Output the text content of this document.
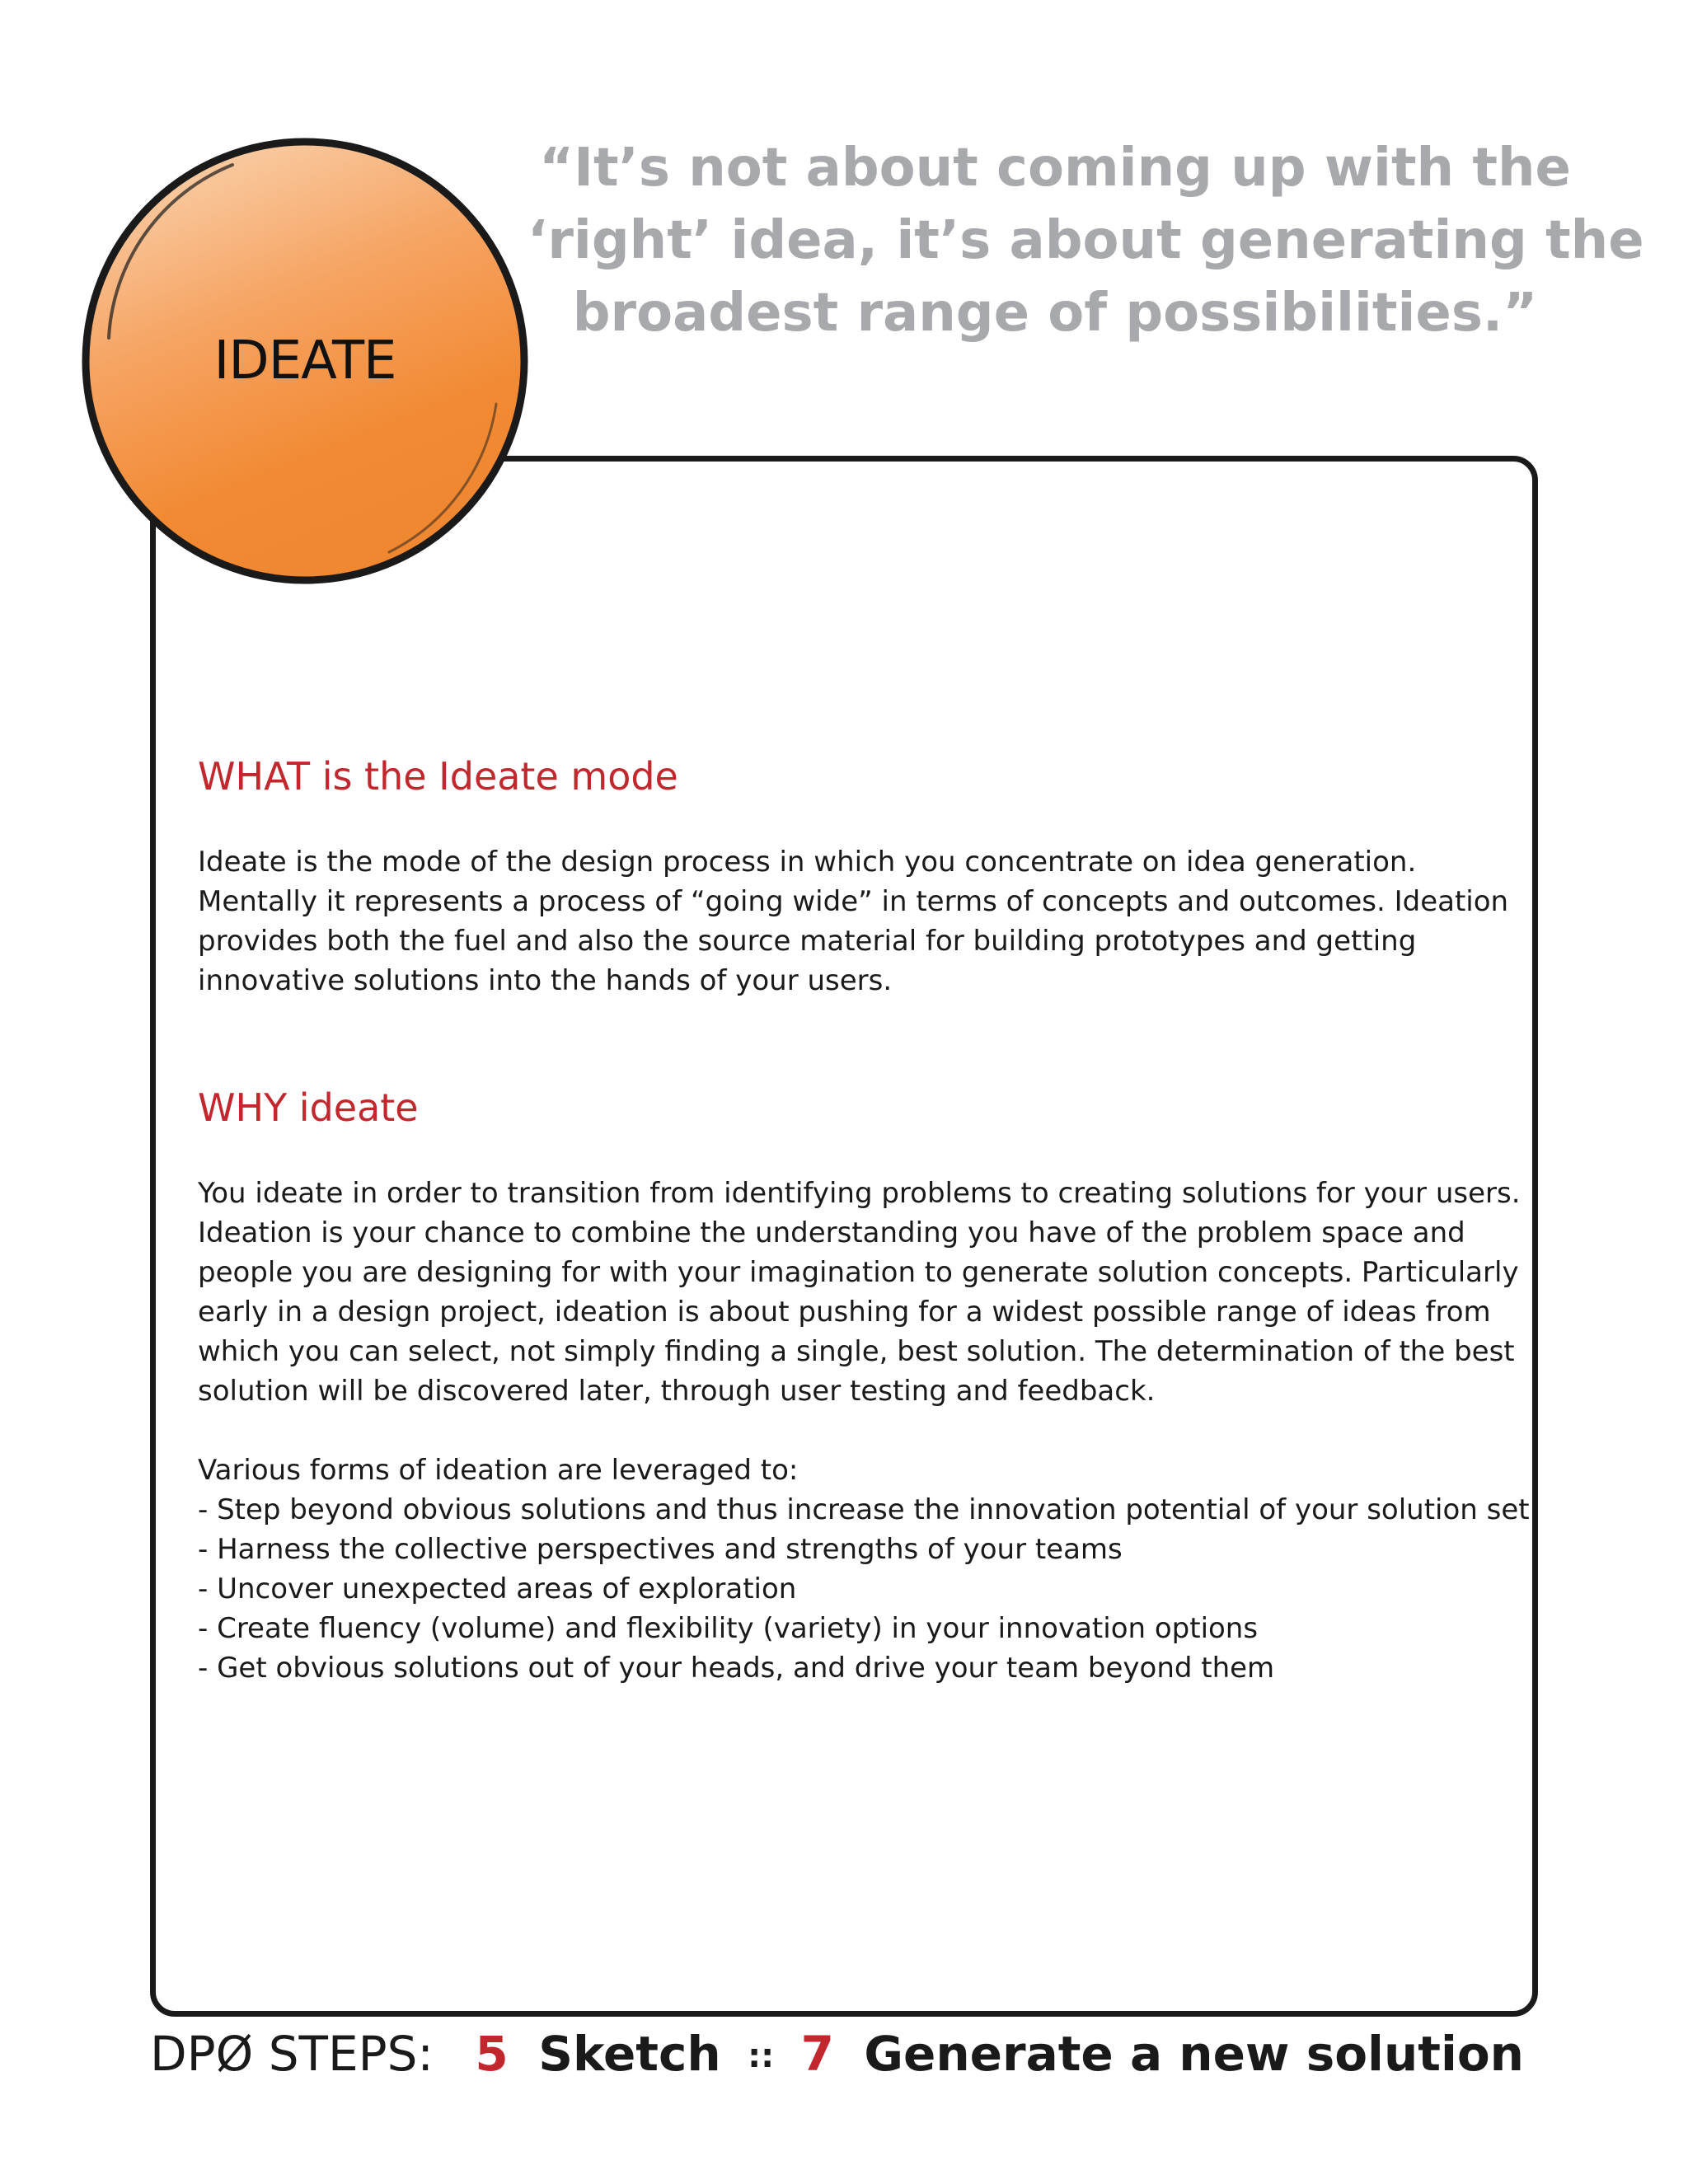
“It’s not about coming up with the
‘right’ idea, it’s about generating the
broadest range of possibilities.”
IDEATE
WHAT is the Ideate mode
Ideate is the mode of the design process in which you concentrate on idea generation.
Mentally it represents a process of “going wide” in terms of concepts and outcomes. Ideation
provides both the fuel and also the source material for building prototypes and getting
innovative solutions into the hands of your users.
WHY ideate
You ideate in order to transition from identifying problems to creating solutions for your users.
Ideation is your chance to combine the understanding you have of the problem space and
people you are designing for with your imagination to generate solution concepts. Particularly
early in a design project, ideation is about pushing for a widest possible range of ideas from
which you can select, not simply finding a single, best solution. The determination of the best
solution will be discovered later, through user testing and feedback.
Various forms of ideation are leveraged to:
- Step beyond obvious solutions and thus increase the innovation potential of your solution set
- Harness the collective perspectives and strengths of your teams
- Uncover unexpected areas of exploration
- Create fluency (volume) and flexibility (variety) in your innovation options
- Get obvious solutions out of your heads, and drive your team beyond them
DPØ STEPS: 5 Sketch :: 7 Generate a new solution
